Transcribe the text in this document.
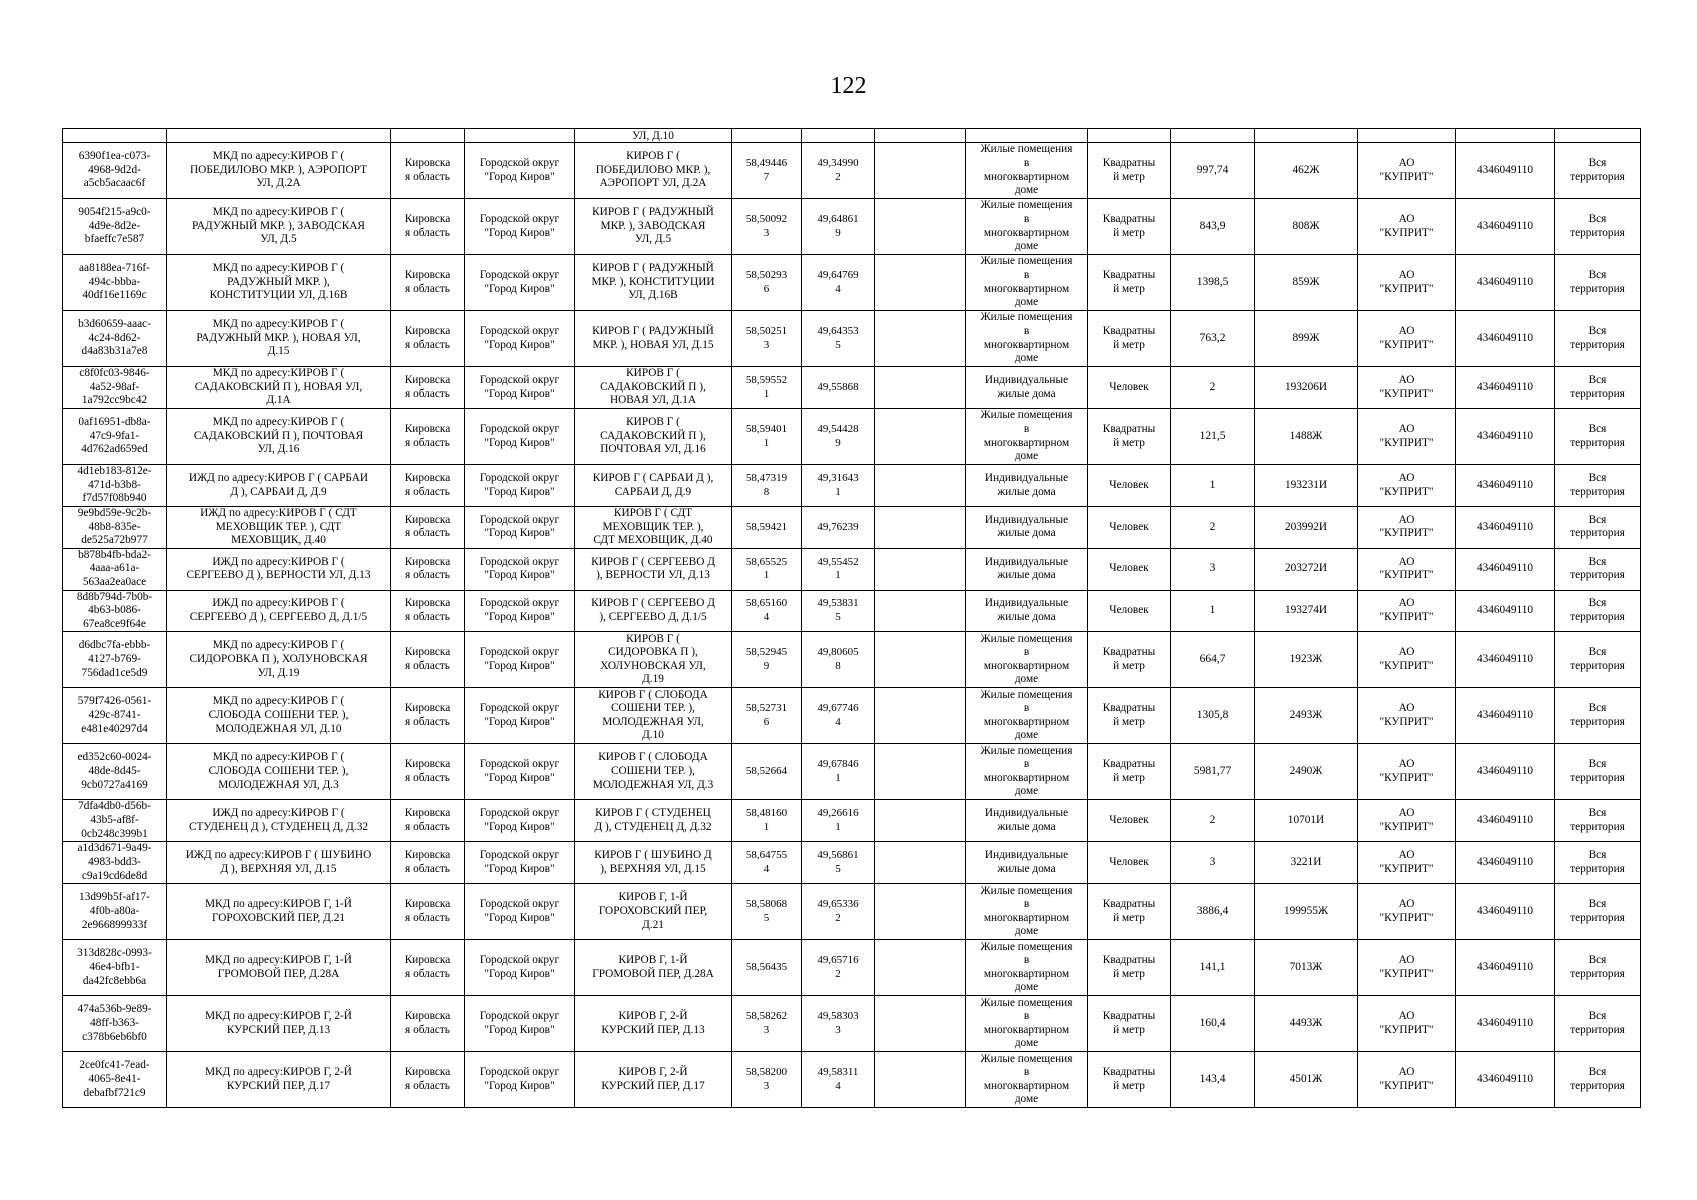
122
				УЛ, Д.10										
6390f1ea-c073-
4968-9d2d-
a5cb5acaac6f	МКД по адресу:КИРОВ Г (
ПОБЕДИЛОВО МКР. ), АЭРОПОРТ
УЛ, Д.2А	Кировска
я область	Городской округ
"Город Киров"	КИРОВ Г (
ПОБЕДИЛОВО МКР. ),
АЭРОПОРТ УЛ, Д.2А	58,49446
7	49,34990
2		Жилые помещения
в
многоквартирном
доме	Квадратны
й метр	997,74	462Ж	АО
"КУПРИТ"	4346049110	Вся
территория
9054f215-a9c0-
4d9e-8d2e-
bfaeffc7e587	МКД по адресу:КИРОВ Г (
РАДУЖНЫЙ МКР. ), ЗАВОДСКАЯ
УЛ, Д.5	Кировска
я область	Городской округ
"Город Киров"	КИРОВ Г ( РАДУЖНЫЙ
МКР. ), ЗАВОДСКАЯ
УЛ, Д.5	58,50092
3	49,64861
9		Жилые помещения
в
многоквартирном
доме	Квадратны
й метр	843,9	808Ж	АО
"КУПРИТ"	4346049110	Вся
территория
aa8188ea-716f-
494c-bbba-
40df16e1169c	МКД по адресу:КИРОВ Г (
РАДУЖНЫЙ МКР. ),
КОНСТИТУЦИИ УЛ, Д.16В	Кировска
я область	Городской округ
"Город Киров"	КИРОВ Г ( РАДУЖНЫЙ
МКР. ), КОНСТИТУЦИИ
УЛ, Д.16В	58,50293
6	49,64769
4		Жилые помещения
в
многоквартирном
доме	Квадратны
й метр	1398,5	859Ж	АО
"КУПРИТ"	4346049110	Вся
территория
b3d60659-aaac-
4c24-8d62-
d4a83b31a7e8	МКД по адресу:КИРОВ Г (
РАДУЖНЫЙ МКР. ), НОВАЯ УЛ,
Д.15	Кировска
я область	Городской округ
"Город Киров"	КИРОВ Г ( РАДУЖНЫЙ
МКР. ), НОВАЯ УЛ, Д.15	58,50251
3	49,64353
5		Жилые помещения
в
многоквартирном
доме	Квадратны
й метр	763,2	899Ж	АО
"КУПРИТ"	4346049110	Вся
территория
c8f0fc03-9846-
4a52-98af-
1a792cc9bc42	МКД по адресу:КИРОВ Г (
САДАКОВСКИЙ П ), НОВАЯ УЛ,
Д.1А	Кировска
я область	Городской округ
"Город Киров"	КИРОВ Г (
САДАКОВСКИЙ П ),
НОВАЯ УЛ, Д.1А	58,59552
1	49,55868		Индивидуальные
жилые дома	Человек	2	193206И	АО
"КУПРИТ"	4346049110	Вся
территория
0af16951-db8a-
47c9-9fa1-
4d762ad659ed	МКД по адресу:КИРОВ Г (
САДАКОВСКИЙ П ), ПОЧТОВАЯ
УЛ, Д.16	Кировска
я область	Городской округ
"Город Киров"	КИРОВ Г (
САДАКОВСКИЙ П ),
ПОЧТОВАЯ УЛ, Д.16	58,59401
1	49,54428
9		Жилые помещения
в
многоквартирном
доме	Квадратны
й метр	121,5	1488Ж	АО
"КУПРИТ"	4346049110	Вся
территория
4d1eb183-812e-
471d-b3b8-
f7d57f08b940	ИЖД по адресу:КИРОВ Г ( САРБАИ
Д ), САРБАИ Д, Д.9	Кировска
я область	Городской округ
"Город Киров"	КИРОВ Г ( САРБАИ Д ),
САРБАИ Д, Д.9	58,47319
8	49,31643
1		Индивидуальные
жилые дома	Человек	1	193231И	АО
"КУПРИТ"	4346049110	Вся
территория
9e9bd59e-9c2b-
48b8-835e-
de525a72b977	ИЖД по адресу:КИРОВ Г ( СДТ
МЕХОВЩИК ТЕР. ), СДТ
МЕХОВЩИК, Д.40	Кировска
я область	Городской округ
"Город Киров"	КИРОВ Г ( СДТ
МЕХОВЩИК ТЕР. ),
СДТ МЕХОВЩИК, Д.40	58,59421	49,76239		Индивидуальные
жилые дома	Человек	2	203992И	АО
"КУПРИТ"	4346049110	Вся
территория
b878b4fb-bda2-
4aaa-a61a-
563aa2ea0ace	ИЖД по адресу:КИРОВ Г (
СЕРГЕЕВО Д ), ВЕРНОСТИ УЛ, Д.13	Кировска
я область	Городской округ
"Город Киров"	КИРОВ Г ( СЕРГЕЕВО Д
), ВЕРНОСТИ УЛ, Д.13	58,65525
1	49,55452
1		Индивидуальные
жилые дома	Человек	3	203272И	АО
"КУПРИТ"	4346049110	Вся
территория
8d8b794d-7b0b-
4b63-b086-
67ea8ce9f64e	ИЖД по адресу:КИРОВ Г (
СЕРГЕЕВО Д ), СЕРГЕЕВО Д, Д.1/5	Кировска
я область	Городской округ
"Город Киров"	КИРОВ Г ( СЕРГЕЕВО Д
), СЕРГЕЕВО Д, Д.1/5	58,65160
4	49,53831
5		Индивидуальные
жилые дома	Человек	1	193274И	АО
"КУПРИТ"	4346049110	Вся
территория
d6dbc7fa-ebbb-
4127-b769-
756dad1ce5d9	МКД по адресу:КИРОВ Г (
СИДОРОВКА П ), ХОЛУНОВСКАЯ
УЛ, Д.19	Кировска
я область	Городской округ
"Город Киров"	КИРОВ Г (
СИДОРОВКА П ),
ХОЛУНОВСКАЯ УЛ,
Д.19	58,52945
9	49,80605
8		Жилые помещения
в
многоквартирном
доме	Квадратны
й метр	664,7	1923Ж	АО
"КУПРИТ"	4346049110	Вся
территория
579f7426-0561-
429c-8741-
e481e40297d4	МКД по адресу:КИРОВ Г (
СЛОБОДА СОШЕНИ ТЕР. ),
МОЛОДЕЖНАЯ УЛ, Д.10	Кировска
я область	Городской округ
"Город Киров"	КИРОВ Г ( СЛОБОДА
СОШЕНИ ТЕР. ),
МОЛОДЕЖНАЯ УЛ,
Д.10	58,52731
6	49,67746
4		Жилые помещения
в
многоквартирном
доме	Квадратны
й метр	1305,8	2493Ж	АО
"КУПРИТ"	4346049110	Вся
территория
ed352c60-0024-
48de-8d45-
9cb0727a4169	МКД по адресу:КИРОВ Г (
СЛОБОДА СОШЕНИ ТЕР. ),
МОЛОДЕЖНАЯ УЛ, Д.3	Кировска
я область	Городской округ
"Город Киров"	КИРОВ Г ( СЛОБОДА
СОШЕНИ ТЕР. ),
МОЛОДЕЖНАЯ УЛ, Д.3	58,52664	49,67846
1		Жилые помещения
в
многоквартирном
доме	Квадратны
й метр	5981,77	2490Ж	АО
"КУПРИТ"	4346049110	Вся
территория
7dfa4db0-d56b-
43b5-af8f-
0cb248c399b1	ИЖД по адресу:КИРОВ Г (
СТУДЕНЕЦ Д ), СТУДЕНЕЦ Д, Д.32	Кировска
я область	Городской округ
"Город Киров"	КИРОВ Г ( СТУДЕНЕЦ
Д ), СТУДЕНЕЦ Д, Д.32	58,48160
1	49,26616
1		Индивидуальные
жилые дома	Человек	2	10701И	АО
"КУПРИТ"	4346049110	Вся
территория
a1d3d671-9a49-
4983-bdd3-
c9a19cd6de8d	ИЖД по адресу:КИРОВ Г ( ШУБИНО
Д ), ВЕРХНЯЯ УЛ, Д.15	Кировска
я область	Городской округ
"Город Киров"	КИРОВ Г ( ШУБИНО Д
), ВЕРХНЯЯ УЛ, Д.15	58,64755
4	49,56861
5		Индивидуальные
жилые дома	Человек	3	3221И	АО
"КУПРИТ"	4346049110	Вся
территория
13d99b5f-af17-
4f0b-a80a-
2e966899933f	МКД по адресу:КИРОВ Г, 1-Й
ГОРОХОВСКИЙ ПЕР, Д.21	Кировска
я область	Городской округ
"Город Киров"	КИРОВ Г, 1-Й
ГОРОХОВСКИЙ ПЕР,
Д.21	58,58068
5	49,65336
2		Жилые помещения
в
многоквартирном
доме	Квадратны
й метр	3886,4	199955Ж	АО
"КУПРИТ"	4346049110	Вся
территория
313d828c-0993-
46e4-bfb1-
da42fc8ebb6a	МКД по адресу:КИРОВ Г, 1-Й
ГРОМОВОЙ ПЕР, Д.28А	Кировска
я область	Городской округ
"Город Киров"	КИРОВ Г, 1-Й
ГРОМОВОЙ ПЕР, Д.28А	58,56435	49,65716
2		Жилые помещения
в
многоквартирном
доме	Квадратны
й метр	141,1	7013Ж	АО
"КУПРИТ"	4346049110	Вся
территория
474a536b-9e89-
48ff-b363-
c378b6eb6bf0	МКД по адресу:КИРОВ Г, 2-Й
КУРСКИЙ ПЕР, Д.13	Кировска
я область	Городской округ
"Город Киров"	КИРОВ Г, 2-Й
КУРСКИЙ ПЕР, Д.13	58,58262
3	49,58303
3		Жилые помещения
в
многоквартирном
доме	Квадратны
й метр	160,4	4493Ж	АО
"КУПРИТ"	4346049110	Вся
территория
2ce0fc41-7ead-
4065-8e41-
debafbf721c9	МКД по адресу:КИРОВ Г, 2-Й
КУРСКИЙ ПЕР, Д.17	Кировска
я область	Городской округ
"Город Киров"	КИРОВ Г, 2-Й
КУРСКИЙ ПЕР, Д.17	58,58200
3	49,58311
4		Жилые помещения
в
многоквартирном
доме	Квадратны
й метр	143,4	4501Ж	АО
"КУПРИТ"	4346049110	Вся
территория
